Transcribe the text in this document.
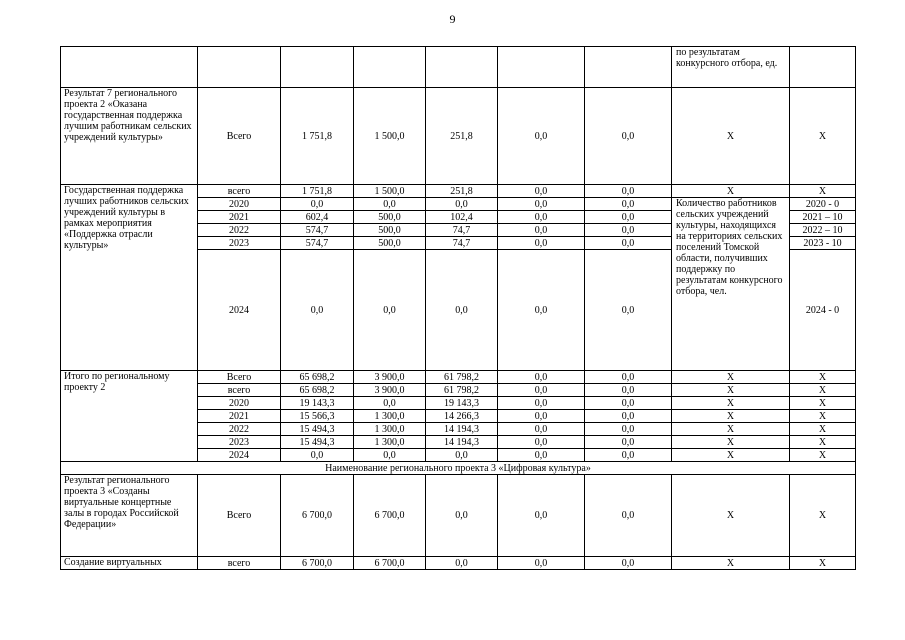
9
							по результатам конкурсного отбора, ед.	
Результат 7 регионального проекта 2 «Оказана государственная поддержка лучшим работникам сельских учреждений культуры»	Всего	1 751,8	1 500,0	251,8	0,0	0,0	Х	Х
Государственная поддержка лучших работников сельских учреждений культуры в рамках мероприятия «Поддержка отрасли культуры»	всего	1 751,8	1 500,0	251,8	0,0	0,0	Х	Х
	2020	0,0	0,0	0,0	0,0	0,0	Количество работников сельских учреждений культуры, находящихся на территориях сельских поселений Томской области, получивших поддержку по результатам конкурсного отбора, чел.	2020 - 0
	2021	602,4	500,0	102,4	0,0	0,0		2021 – 10
	2022	574,7	500,0	74,7	0,0	0,0		2022 – 10
	2023	574,7	500,0	74,7	0,0	0,0		2023 - 10
	2024	0,0	0,0	0,0	0,0	0,0		2024 - 0
Итого по региональному проекту 2	Всего	65 698,2	3 900,0	61 798,2	0,0	0,0	Х	Х
	всего	65 698,2	3 900,0	61 798,2	0,0	0,0	Х	Х
	2020	19 143,3	0,0	19 143,3	0,0	0,0	Х	Х
	2021	15 566,3	1 300,0	14 266,3	0,0	0,0	Х	Х
	2022	15 494,3	1 300,0	14 194,3	0,0	0,0	Х	Х
	2023	15 494,3	1 300,0	14 194,3	0,0	0,0	Х	Х
	2024	0,0	0,0	0,0	0,0	0,0	Х	Х
Наименование регионального проекта 3 «Цифровая культура»								
Результат регионального проекта 3 «Созданы виртуальные концертные залы в городах Российской Федерации»	Всего	6 700,0	6 700,0	0,0	0,0	0,0	Х	Х
Создание виртуальных	всего	6 700,0	6 700,0	0,0	0,0	0,0	Х	Х
